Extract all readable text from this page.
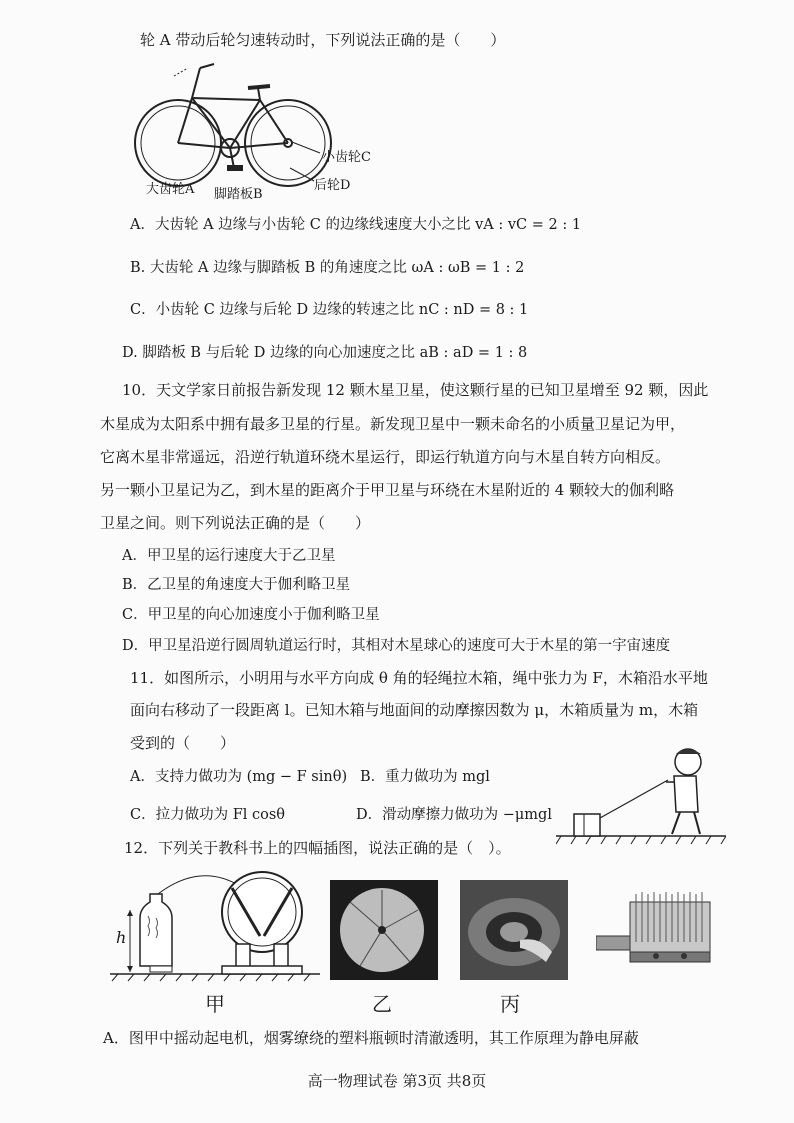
轮 A 带动后轮匀速转动时，下列说法正确的是（　　）
小齿轮C
后轮D
大齿轮A 脚踏板B
A．大齿轮 A 边缘与小齿轮 C 的边缘线速度大小之比 vA : vC = 2 : 1
B. 大齿轮 A 边缘与脚踏板 B 的角速度之比 ωA : ωB = 1 : 2
C．小齿轮 C 边缘与后轮 D 边缘的转速之比 nC : nD = 8 : 1
D. 脚踏板 B 与后轮 D 边缘的向心加速度之比 aB : aD = 1 : 8
10．天文学家日前报告新发现 12 颗木星卫星，使这颗行星的已知卫星增至 92 颗，因此
木星成为太阳系中拥有最多卫星的行星。新发现卫星中一颗未命名的小质量卫星记为甲，
它离木星非常遥远，沿逆行轨道环绕木星运行，即运行轨道方向与木星自转方向相反。
另一颗小卫星记为乙，到木星的距离介于甲卫星与环绕在木星附近的 4 颗较大的伽利略
卫星之间。则下列说法正确的是（　　）
A．甲卫星的运行速度大于乙卫星
B．乙卫星的角速度大于伽利略卫星
C．甲卫星的向心加速度小于伽利略卫星
D．甲卫星沿逆行圆周轨道运行时，其相对木星球心的速度可大于木星的第一宇宙速度
11．如图所示，小明用与水平方向成 θ 角的轻绳拉木箱，绳中张力为 F，木箱沿水平地
面向右移动了一段距离 l。已知木箱与地面间的动摩擦因数为 μ，木箱质量为 m，木箱
受到的（　　）
A．支持力做功为 (mg − F sinθ) B．重力做功为 mgl
C．拉力做功为 Fl cosθ	D．滑动摩擦力做功为 −μmgl
12．下列关于教科书上的四幅插图，说法正确的是（　）。
h
甲	乙	丙
A．图甲中摇动起电机，烟雾缭绕的塑料瓶顿时清澈透明，其工作原理为静电屏蔽
高一物理试卷 第3页 共8页
